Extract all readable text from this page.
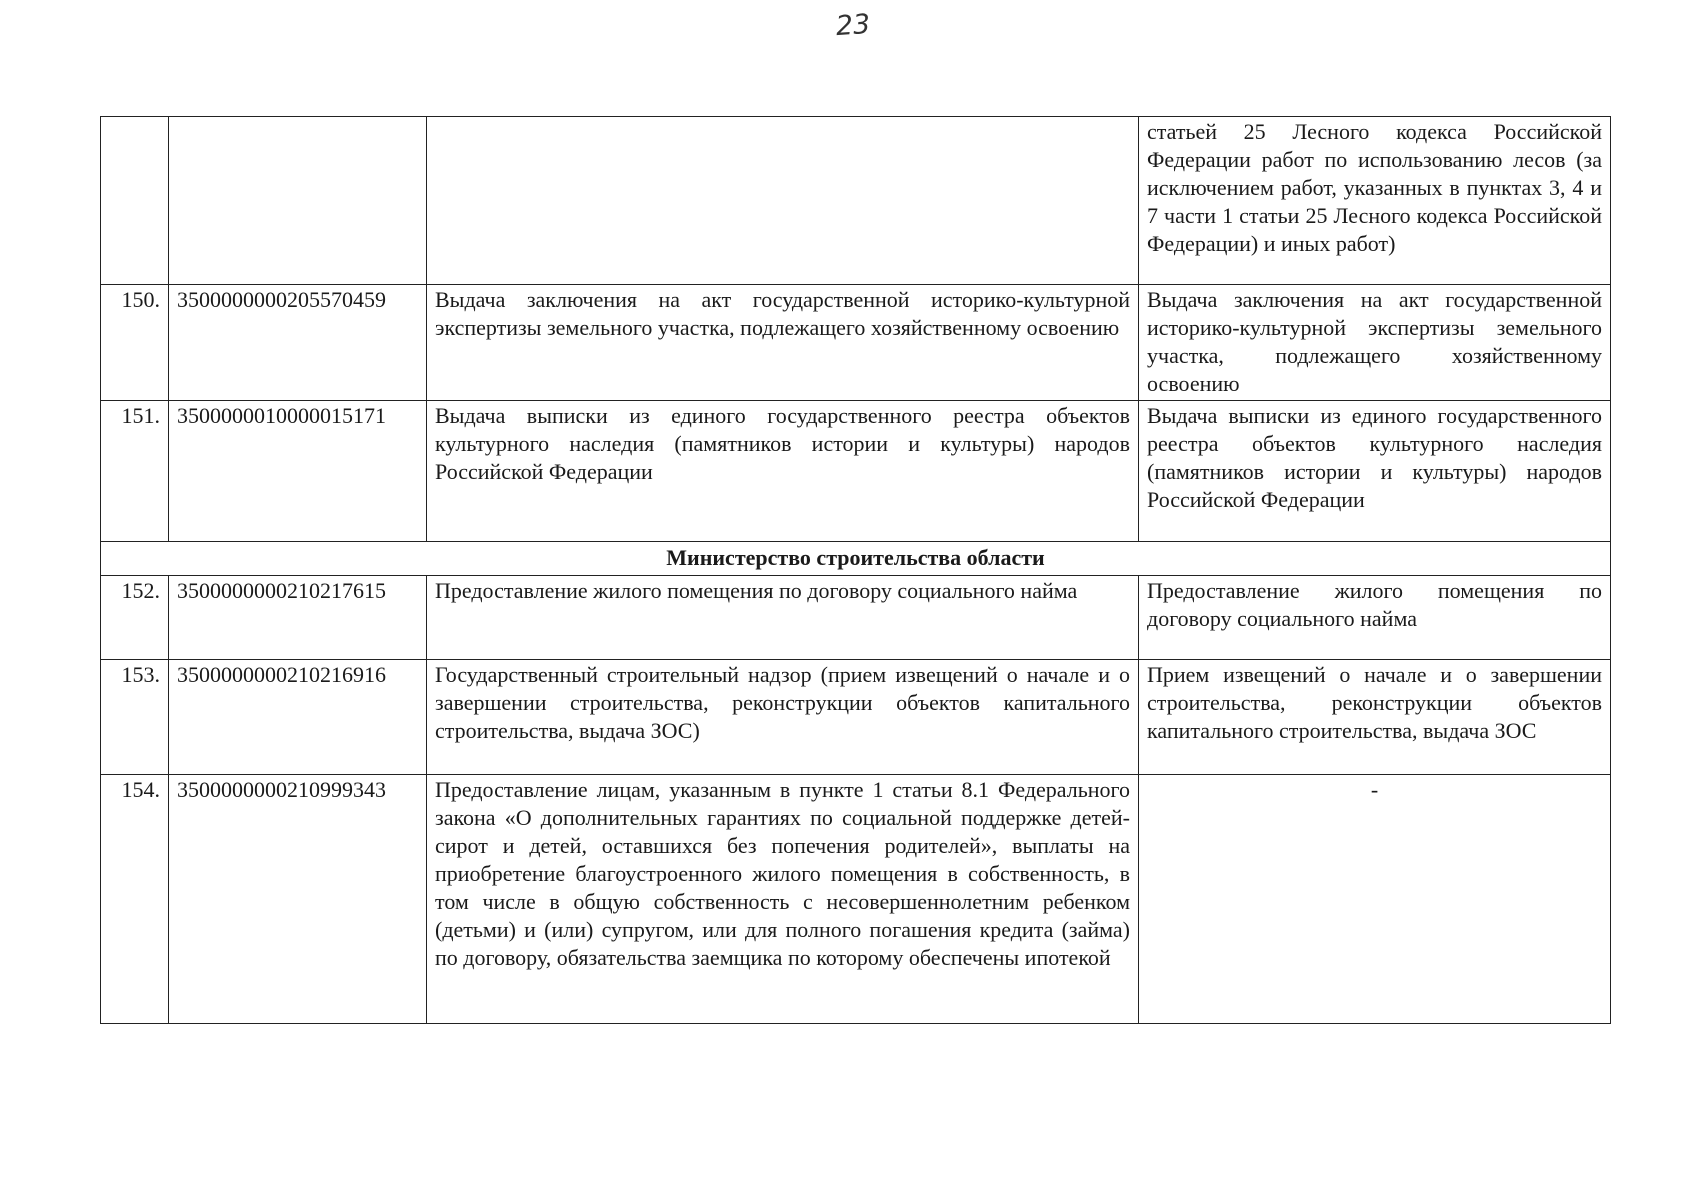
23
			статьей 25 Лесного кодекса Российской Федерации работ по использованию лесов (за исключением работ, указанных в пунктах 3, 4 и 7 части 1 статьи 25 Лесного кодекса Российской Федерации) и иных работ)
150.	3500000000205570459	Выдача заключения на акт государственной историко-культурной экспертизы земельного участка, подлежащего хозяйственному освоению	Выдача заключения на акт государственной историко-культурной экспертизы земельного участка, подлежащего хозяйственному освоению
151.	3500000010000015171	Выдача выписки из единого государственного реестра объектов культурного наследия (памятников истории и культуры) народов Российской Федерации	Выдача выписки из единого государственного реестра объектов культурного наследия (памятников истории и культуры) народов Российской Федерации
Министерство строительства области			
152.	3500000000210217615	Предоставление жилого помещения по договору социального найма	Предоставление жилого помещения по договору социального найма
153.	3500000000210216916	Государственный строительный надзор (прием извещений о начале и о завершении строительства, реконструкции объектов капитального строительства, выдача ЗОС)	Прием извещений о начале и о завершении строительства, реконструкции объектов капитального строительства, выдача ЗОС
154.	3500000000210999343	Предоставление лицам, указанным в пункте 1 статьи 8.1 Федерального закона «О дополнительных гарантиях по социальной поддержке детей-сирот и детей, оставшихся без попечения родителей», выплаты на приобретение благоустроенного жилого помещения в собственность, в том числе в общую собственность с несовершеннолетним ребенком (детьми) и (или) супругом, или для полного погашения кредита (займа) по договору, обязательства заемщика по которому обеспечены ипотекой	-
